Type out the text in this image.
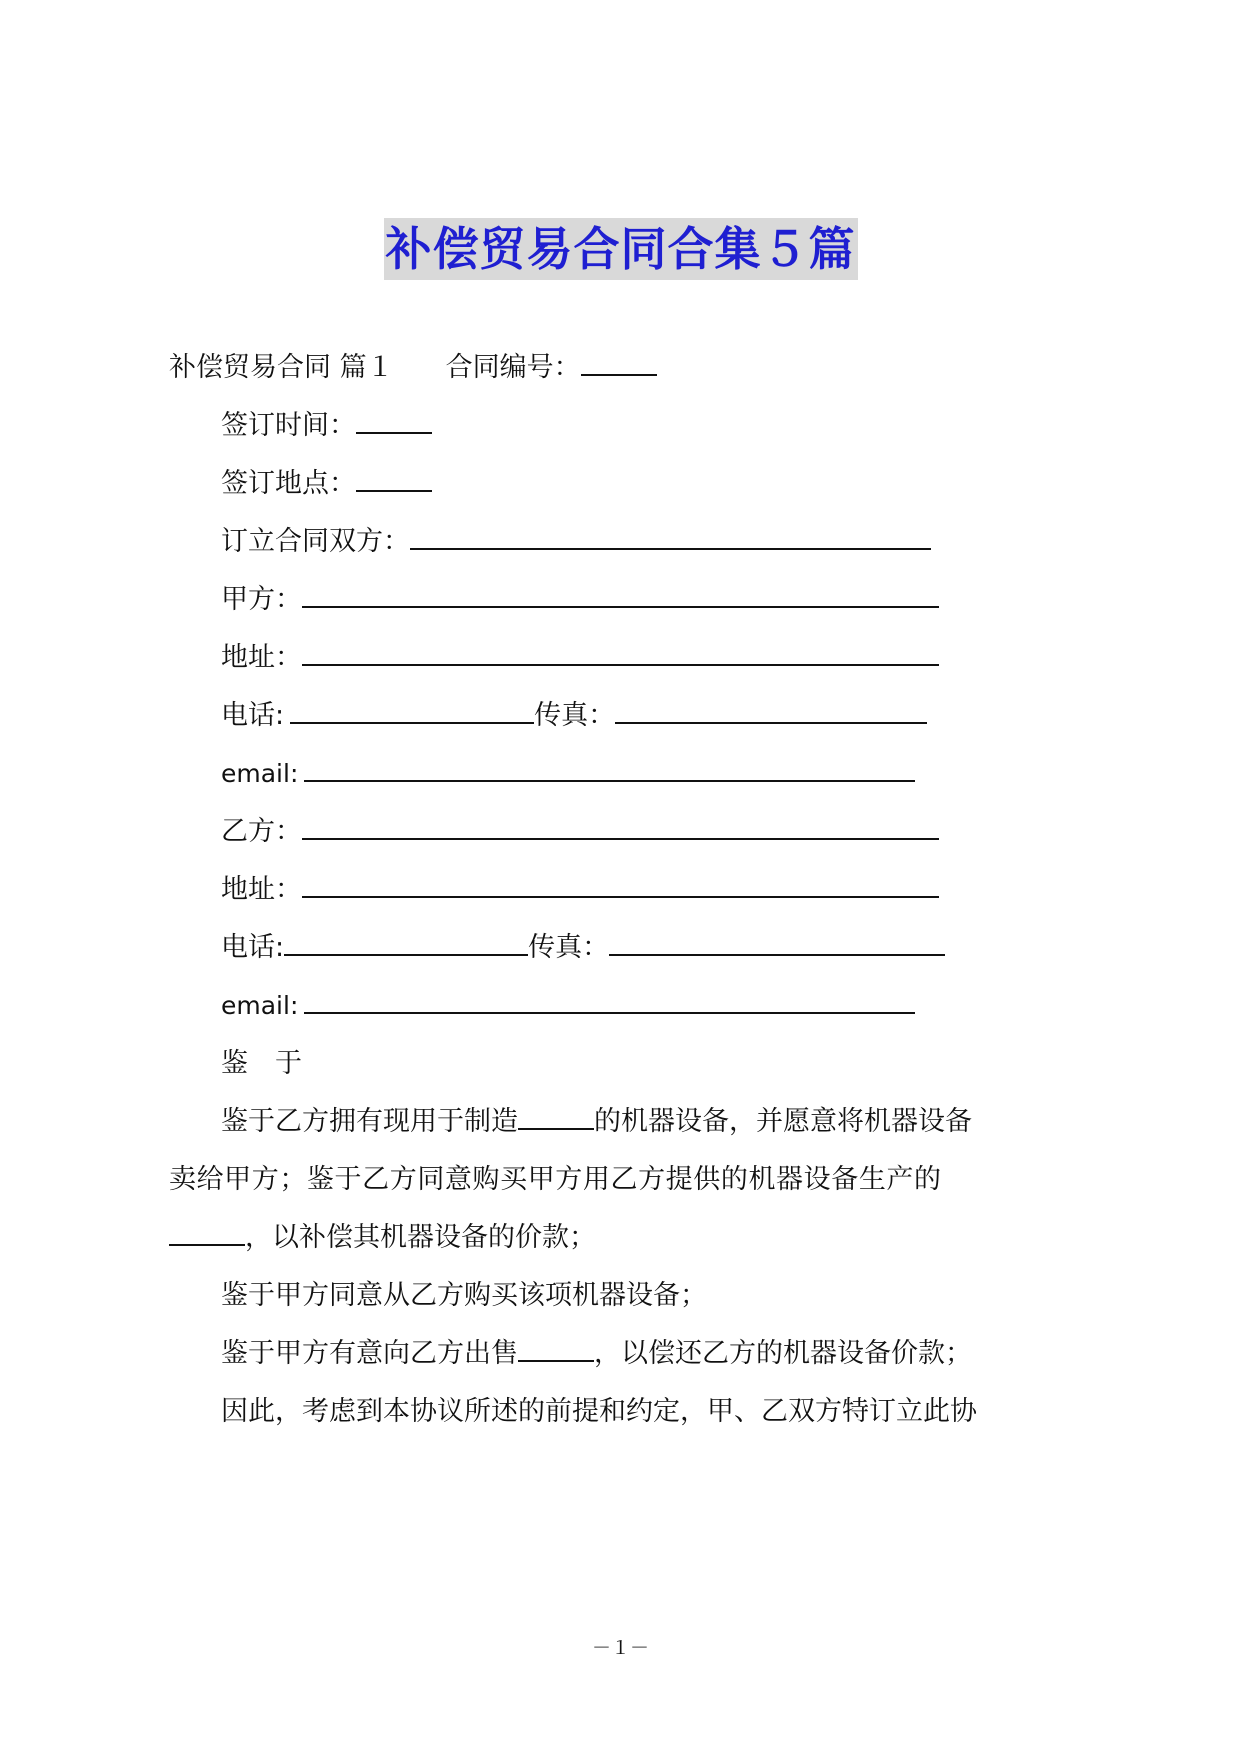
补偿贸易合同合集５篇
补偿贸易合同 篇１ 合同编号：
签订时间：
签订地点：
订立合同双方：
甲方：
地址：
电话:	传真：
email:
乙方：
地址：
电话:	传真：
email:
鉴　于
鉴于乙方拥有现用于制造	的机器设备，并愿意将机器设备
卖给甲方；鉴于乙方同意购买甲方用乙方提供的机器设备生产的
，以补偿其机器设备的价款；
鉴于甲方同意从乙方购买该项机器设备；
鉴于甲方有意向乙方出售	，以偿还乙方的机器设备价款；
因此，考虑到本协议所述的前提和约定，甲、乙双方特订立此协
－１－
